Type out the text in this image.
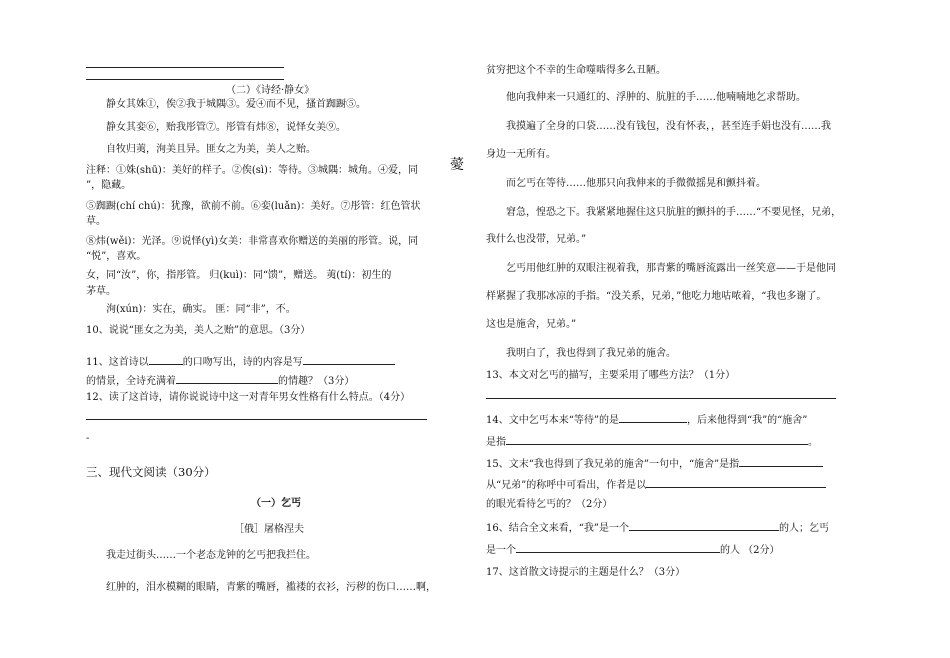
（二）《诗经·静女》
静女其姝①，俟②我于城隅③。爱④而不见，搔首踟蹰⑤。
静女其娈⑥，贻我彤管⑦。彤管有炜⑧，说怿女美⑨。
自牧归荑，洵美且异。匪女之为美，美人之贻。
注释：①姝(shū)：美好的样子。②俟(sì)：等待。③城隅：城角。④爱，同 薆
”，隐藏。
⑤踟蹰(chí chú)：犹豫，欲前不前。⑥娈(luǎn)：美好。⑦彤管：红色管状
草。
⑧炜(wěi)：光泽。⑨说怿(yì)女美：非常喜欢你赠送的美丽的彤管。说，同
“悦”，喜欢。
女，同“汝”，你，指彤管。 归(kuì)：同“馈”，赠送。 荑(tí)：初生的
茅草。
洵(xún)：实在，确实。 匪：同“非”，不。
10、说说“匪女之为美，美人之贻”的意思。（3分）
11、这首诗以	的口吻写出，诗的内容是写
的情景，全诗充满着	的情趣？（3分）
12、读了这首诗，请你说说诗中这一对青年男女性格有什么特点。（4分）
-
三、现代文阅读（30分）
（一）乞丐
［俄］屠格涅夫
我走过街头……一个老态龙钟的乞丐把我拦住。
红肿的，泪水模糊的眼睛，青紫的嘴唇，褴褛的衣衫，污秽的伤口……啊，
贫穷把这个不幸的生命噬啮得多么丑陋。
他向我伸来一只通红的、浮肿的、肮脏的手……他喃喃地乞求帮助。
我摸遍了全身的口袋……没有钱包，没有怀表，，甚至连手娟也没有……我
身边一无所有。
而乞丐在等待……他那只向我伸来的手微微摇晃和颤抖着。
窘急，惶恐之下。我紧紧地握住这只肮脏的颤抖的手……“不要见怪，兄弟，
我什么也没带，兄弟。”
乞丐用他红肿的双眼注视着我，那青紫的嘴唇流露出一丝笑意——于是他同
样紧握了我那冰凉的手指。“没关系，兄弟，”他吃力地咕哝着，“我也多谢了。
这也是施舍，兄弟。”
我明白了，我也得到了我兄弟的施舍。
13、本文对乞丐的描写，主要采用了哪些方法？（1分）
14、文中乞丐本来“等待”的是	，后来他得到“我”的“施舍”
是指	。
15、文末“我也得到了我兄弟的施舍”一句中，“施舍”是指
从“兄弟”的称呼中可看出，作者是以
的眼光看待乞丐的？（2分）
16、结合全文来看，“我”是一个	的人；乞丐
是一个	的人 （2分）
17、这首散文诗提示的主题是什么？（3分）
